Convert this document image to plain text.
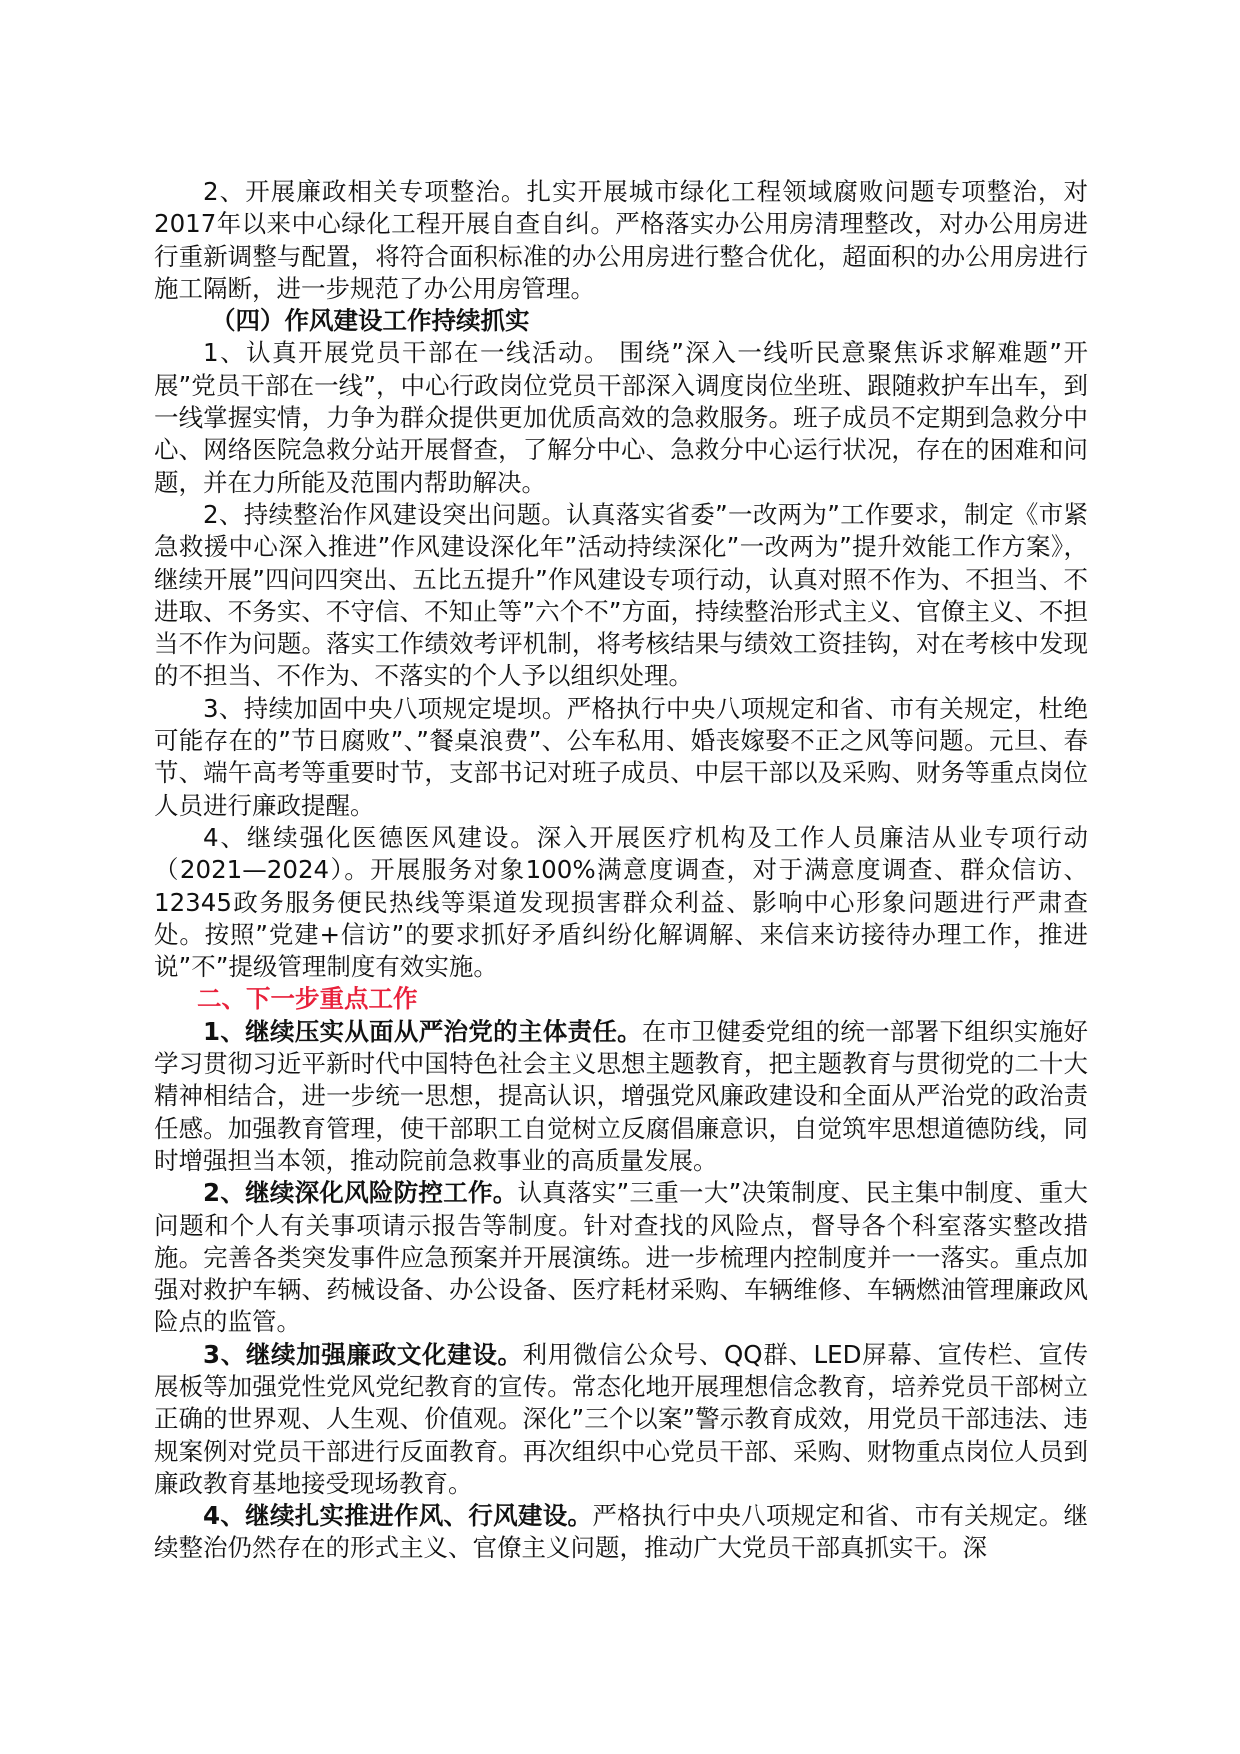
2、开展廉政相关专项整治。扎实开展城市绿化工程领域腐败问题专项整治，对2017年以来中心绿化工程开展自查自纠。严格落实办公用房清理整改，对办公用房进行重新调整与配置，将符合面积标准的办公用房进行整合优化，超面积的办公用房进行施工隔断，进一步规范了办公用房管理。

（四）作风建设工作持续抓实

1、认真开展党员干部在一线活动。 围绕”深入一线听民意聚焦诉求解难题”开展”党员干部在一线”，中心行政岗位党员干部深入调度岗位坐班、跟随救护车出车，到一线掌握实情，力争为群众提供更加优质高效的急救服务。班子成员不定期到急救分中心、网络医院急救分站开展督查，了解分中心、急救分中心运行状况，存在的困难和问题，并在力所能及范围内帮助解决。

2、持续整治作风建设突出问题。认真落实省委”一改两为”工作要求，制定《市紧急救援中心深入推进”作风建设深化年”活动持续深化”一改两为”提升效能工作方案》，继续开展”四问四突出、五比五提升”作风建设专项行动，认真对照不作为、不担当、不进取、不务实、不守信、不知止等”六个不”方面，持续整治形式主义、官僚主义、不担当不作为问题。落实工作绩效考评机制，将考核结果与绩效工资挂钩，对在考核中发现的不担当、不作为、不落实的个人予以组织处理。

3、持续加固中央八项规定堤坝。严格执行中央八项规定和省、市有关规定，杜绝可能存在的”节日腐败”、”餐桌浪费”、公车私用、婚丧嫁娶不正之风等问题。元旦、春节、端午高考等重要时节，支部书记对班子成员、中层干部以及采购、财务等重点岗位人员进行廉政提醒。

4、继续强化医德医风建设。深入开展医疗机构及工作人员廉洁从业专项行动（2021—2024）。开展服务对象100%满意度调查，对于满意度调查、群众信访、12345政务服务便民热线等渠道发现损害群众利益、影响中心形象问题进行严肃查处。按照”党建+信访”的要求抓好矛盾纠纷化解调解、来信来访接待办理工作，推进说”不”提级管理制度有效实施。

二、下一步重点工作

1、继续压实从面从严治党的主体责任。在市卫健委党组的统一部署下组织实施好学习贯彻习近平新时代中国特色社会主义思想主题教育，把主题教育与贯彻党的二十大精神相结合，进一步统一思想，提高认识，增强党风廉政建设和全面从严治党的政治责任感。加强教育管理，使干部职工自觉树立反腐倡廉意识，自觉筑牢思想道德防线，同时增强担当本领，推动院前急救事业的高质量发展。

2、继续深化风险防控工作。认真落实”三重一大”决策制度、民主集中制度、重大问题和个人有关事项请示报告等制度。针对查找的风险点，督导各个科室落实整改措施。完善各类突发事件应急预案并开展演练。进一步梳理内控制度并一一落实。重点加强对救护车辆、药械设备、办公设备、医疗耗材采购、车辆维修、车辆燃油管理廉政风险点的监管。

3、继续加强廉政文化建设。利用微信公众号、QQ群、LED屏幕、宣传栏、宣传展板等加强党性党风党纪教育的宣传。常态化地开展理想信念教育，培养党员干部树立正确的世界观、人生观、价值观。深化”三个以案”警示教育成效，用党员干部违法、违规案例对党员干部进行反面教育。再次组织中心党员干部、采购、财物重点岗位人员到廉政教育基地接受现场教育。

4、继续扎实推进作风、行风建设。严格执行中央八项规定和省、市有关规定。继续整治仍然存在的形式主义、官僚主义问题，推动广大党员干部真抓实干。深
